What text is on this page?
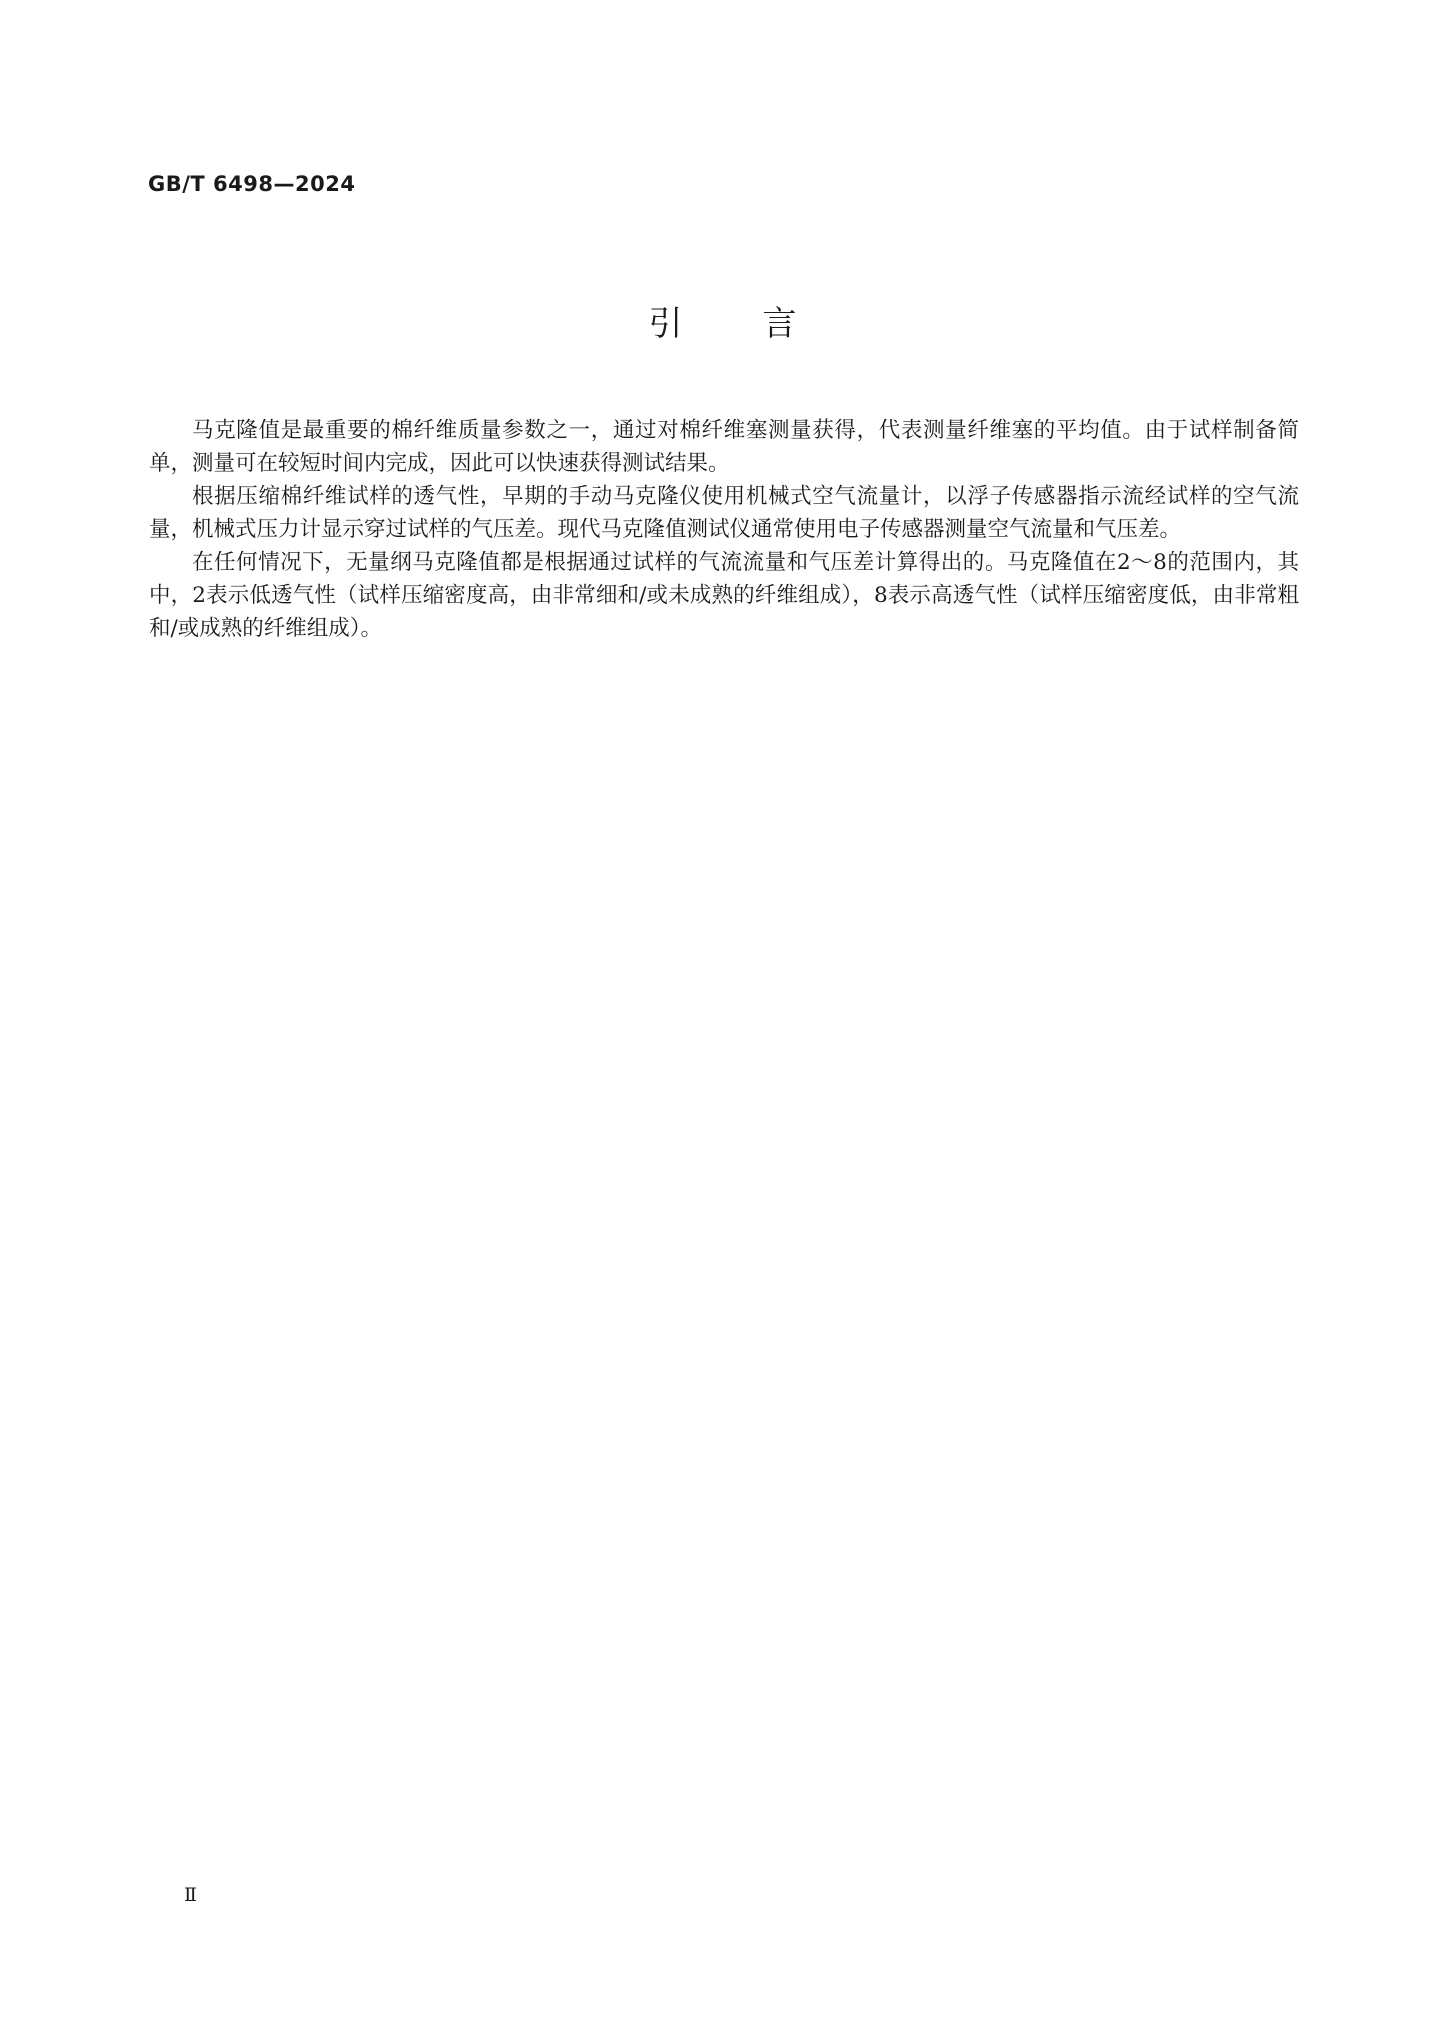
GB/T 6498—2024
引言

马克隆值是最重要的棉纤维质量参数之一，通过对棉纤维塞测量获得，代表测量纤维塞的平均值。由于试样制备简单，测量可在较短时间内完成，因此可以快速获得测试结果。

根据压缩棉纤维试样的透气性，早期的手动马克隆仪使用机械式空气流量计，以浮子传感器指示流经试样的空气流量，机械式压力计显示穿过试样的气压差。现代马克隆值测试仪通常使用电子传感器测量空气流量和气压差。

在任何情况下，无量纲马克隆值都是根据通过试样的气流流量和气压差计算得出的。马克隆值在2～8的范围内，其中，2表示低透气性（试样压缩密度高，由非常细和/或未成熟的纤维组成），8表示高透气性（试样压缩密度低，由非常粗和/或成熟的纤维组成）。

Ⅱ
